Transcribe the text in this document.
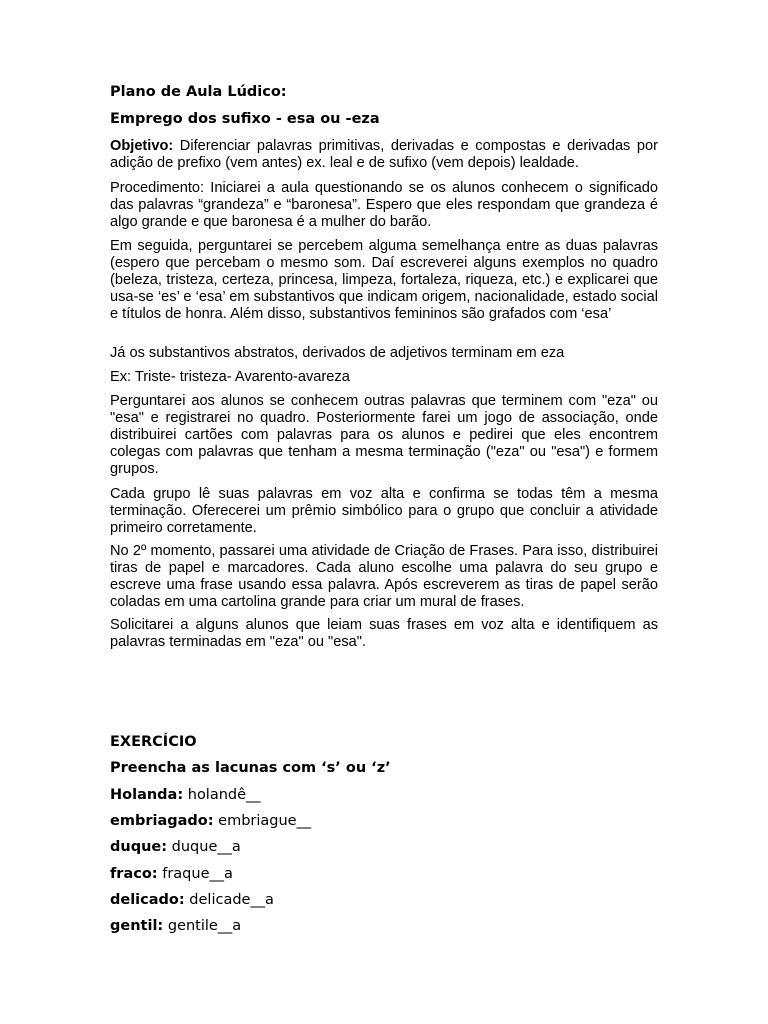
Plano de Aula Lúdico:
Emprego dos sufixo - esa ou -eza

Objetivo: Diferenciar palavras primitivas, derivadas e compostas e derivadas por adição de prefixo (vem antes) ex. leal e de sufixo (vem depois) lealdade.

Procedimento: Iniciarei a aula questionando se os alunos conhecem o significado das palavras “grandeza” e “baronesa”. Espero que eles respondam que grandeza é algo grande e que baronesa é a mulher do barão.

Em seguida, perguntarei se percebem alguma semelhança entre as duas palavras (espero que percebam o mesmo som. Daí escreverei alguns exemplos no quadro (beleza, tristeza, certeza, princesa, limpeza, fortaleza, riqueza, etc.) e explicarei que usa-se ‘es’ e ‘esa’ em substantivos que indicam origem, nacionalidade, estado social e títulos de honra. Além disso, substantivos femininos são grafados com ‘esa’

Já os substantivos abstratos, derivados de adjetivos terminam em eza

Ex: Triste- tristeza- Avarento-avareza

Perguntarei aos alunos se conhecem outras palavras que terminem com "eza" ou "esa" e registrarei no quadro. Posteriormente farei um jogo de associação, onde distribuirei cartões com palavras para os alunos e pedirei que eles encontrem colegas com palavras que tenham a mesma terminação ("eza" ou "esa") e formem grupos.

Cada grupo lê suas palavras em voz alta e confirma se todas têm a mesma terminação. Oferecerei um prêmio simbólico para o grupo que concluir a atividade primeiro corretamente.

No 2º momento, passarei uma atividade de Criação de Frases. Para isso, distribuirei tiras de papel e marcadores. Cada aluno escolhe uma palavra do seu grupo e escreve uma frase usando essa palavra. Após escreverem as tiras de papel serão coladas em uma cartolina grande para criar um mural de frases.

Solicitarei a alguns alunos que leiam suas frases em voz alta e identifiquem as palavras terminadas em "eza" ou "esa".

EXERCÍCIO
Preencha as lacunas com ‘s’ ou ‘z’
Holanda: holandê__
embriagado: embriague__
duque: duque__a
fraco: fraque__a
delicado: delicade__a
gentil: gentile__a
